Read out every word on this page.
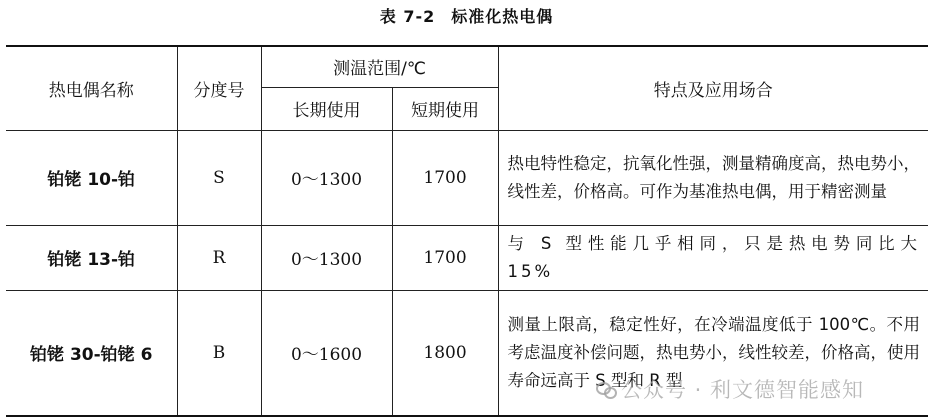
表 7-2 标准化热电偶
热电偶名称	分度号	测温范围/℃		特点及应用场合
		长期使用	短期使用	
铂铑 10-铂	S	0～1300	1700	热电特性稳定，抗氧化性强，测量精确度高，热电势小，线性差，价格高。可作为基准热电偶，用于精密测量
铂铑 13-铂	R	0～1300	1700	与 S 型性能几乎相同，只是热电势同比大 15%
铂铑 30-铂铑 6	B	0～1600	1800	测量上限高，稳定性好，在冷端温度低于 100℃。不用考虑温度补偿问题，热电势小，线性较差，价格高，使用寿命远高于 S 型和 R 型
公众号 · 利文德智能感知
